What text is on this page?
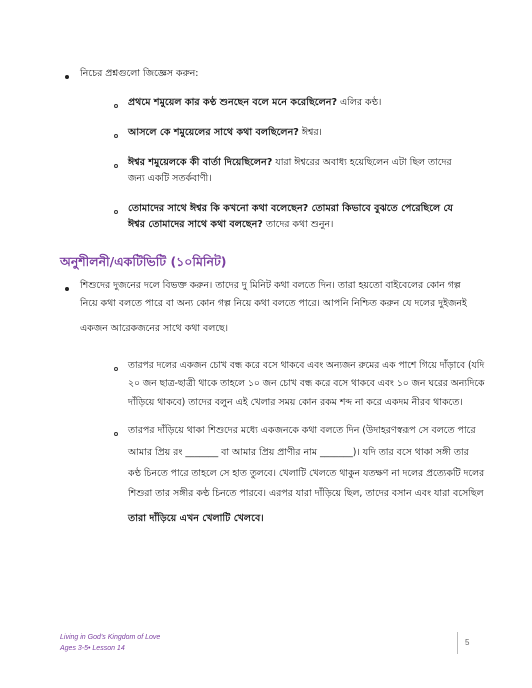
নিচের প্রশ্নগুলো জিজ্ঞেস করুন:
প্রথমে শমুয়েল কার কণ্ঠ শুনছেন বলে মনে করেছিলেন? এলির কণ্ঠ।
আসলে কে শমুয়েলের সাথে কথা বলছিলেন? ঈশ্বর।
ঈশ্বর শমুয়েলকে কী বার্তা দিয়েছিলেন? যারা ঈশ্বরের অবাধ্য হয়েছিলেন এটা ছিল তাদের
জন্য একটি সতর্কবাণী।
তোমাদের সাথে ঈশ্বর কি কখনো কথা বলেছেন? তোমরা কিভাবে বুঝতে পেরেছিলে যে
ঈশ্বর তোমাদের সাথে কথা বলছেন? তাদের কথা শুনুন।
অনুশীলনী/একটিভিটি (১০মিনিট)
শিশুদের দুজনের দলে বিভক্ত করুন। তাদের দু মিনিট কথা বলতে দিন। তারা হয়তো বাইবেলের কোন গল্প
নিয়ে কথা বলতে পারে বা অন্য কোন গল্প নিয়ে কথা বলতে পারে। আপনি নিশ্চিত করুন যে দলের দুইজনই
একজন আরেকজনের সাথে কথা বলছে।
তারপর দলের একজন চোখ বন্ধ করে বসে থাকবে এবং অন্যজন রুমের এক পাশে গিয়ে দাঁড়াবে (যদি
২০ জন ছাত্র-ছাত্রী থাকে তাহলে ১০ জন চোখ বন্ধ করে বসে থাকবে এবং ১০ জন ঘরের অন্যদিকে
দাঁড়িয়ে থাকবে) তাদের বলুন এই খেলার সময় কোন রকম শব্দ না করে একদম নীরব থাকতে।
তারপর দাঁড়িয়ে থাকা শিশুদের মধ্যে একজনকে কথা বলতে দিন (উদাহরণস্বরূপ সে বলতে পারে
আমার প্রিয় রং _______ বা আমার প্রিয় প্রাণীর নাম _______)। যদি তার বসে থাকা সঙ্গী তার
কণ্ঠ চিনতে পারে তাহলে সে হাত তুলবে। খেলাটি খেলতে থাকুন যতক্ষণ না দলের প্রত্যেকটি দলের
শিশুরা তার সঙ্গীর কণ্ঠ চিনতে পারবে। এরপর যারা দাঁড়িয়ে ছিল, তাদের বসান এবং যারা বসেছিল
তারা দাঁড়িয়ে এখন খেলাটি খেলবে।
Living in God’s Kingdom of Love
Ages 3-5• Lesson 14
5
